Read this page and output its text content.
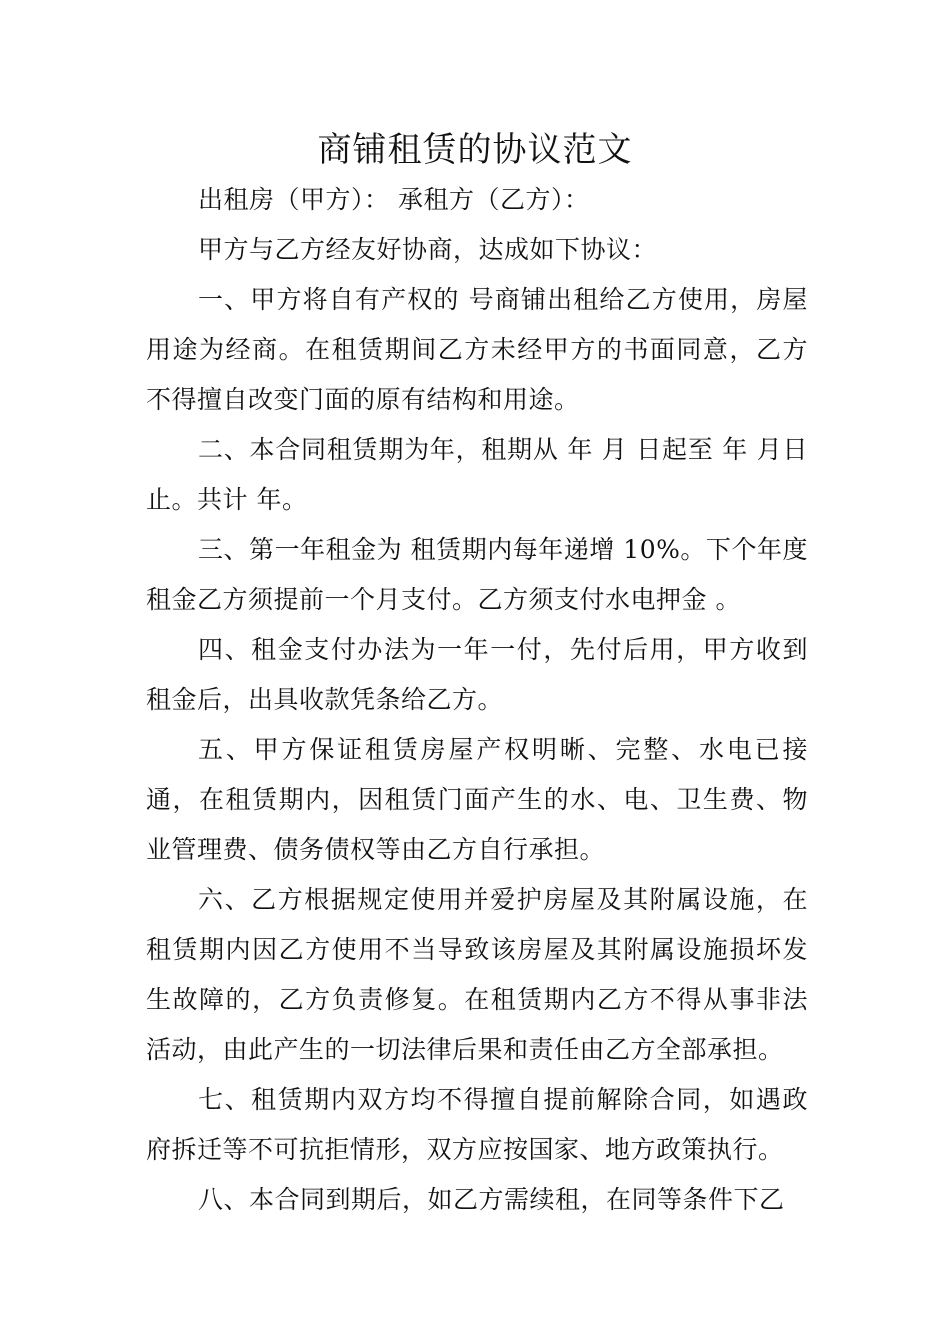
商铺租赁的协议范文

出租房（甲方）： 承租方（乙方）：

甲方与乙方经友好协商，达成如下协议：

一、甲方将自有产权的 号商铺出租给乙方使用，房屋用途为经商。在租赁期间乙方未经甲方的书面同意，乙方不得擅自改变门面的原有结构和用途。

二、本合同租赁期为年，租期从 年 月 日起至 年 月日止。共计 年。

三、第一年租金为 租赁期内每年递增 10%。下个年度租金乙方须提前一个月支付。乙方须支付水电押金 。

四、租金支付办法为一年一付，先付后用，甲方收到租金后，出具收款凭条给乙方。

五、甲方保证租赁房屋产权明晰、完整、水电已接通，在租赁期内，因租赁门面产生的水、电、卫生费、物业管理费、债务债权等由乙方自行承担。

六、乙方根据规定使用并爱护房屋及其附属设施，在租赁期内因乙方使用不当导致该房屋及其附属设施损坏发生故障的，乙方负责修复。在租赁期内乙方不得从事非法活动，由此产生的一切法律后果和责任由乙方全部承担。

七、租赁期内双方均不得擅自提前解除合同，如遇政府拆迁等不可抗拒情形，双方应按国家、地方政策执行。

八、本合同到期后，如乙方需续租，在同等条件下乙
